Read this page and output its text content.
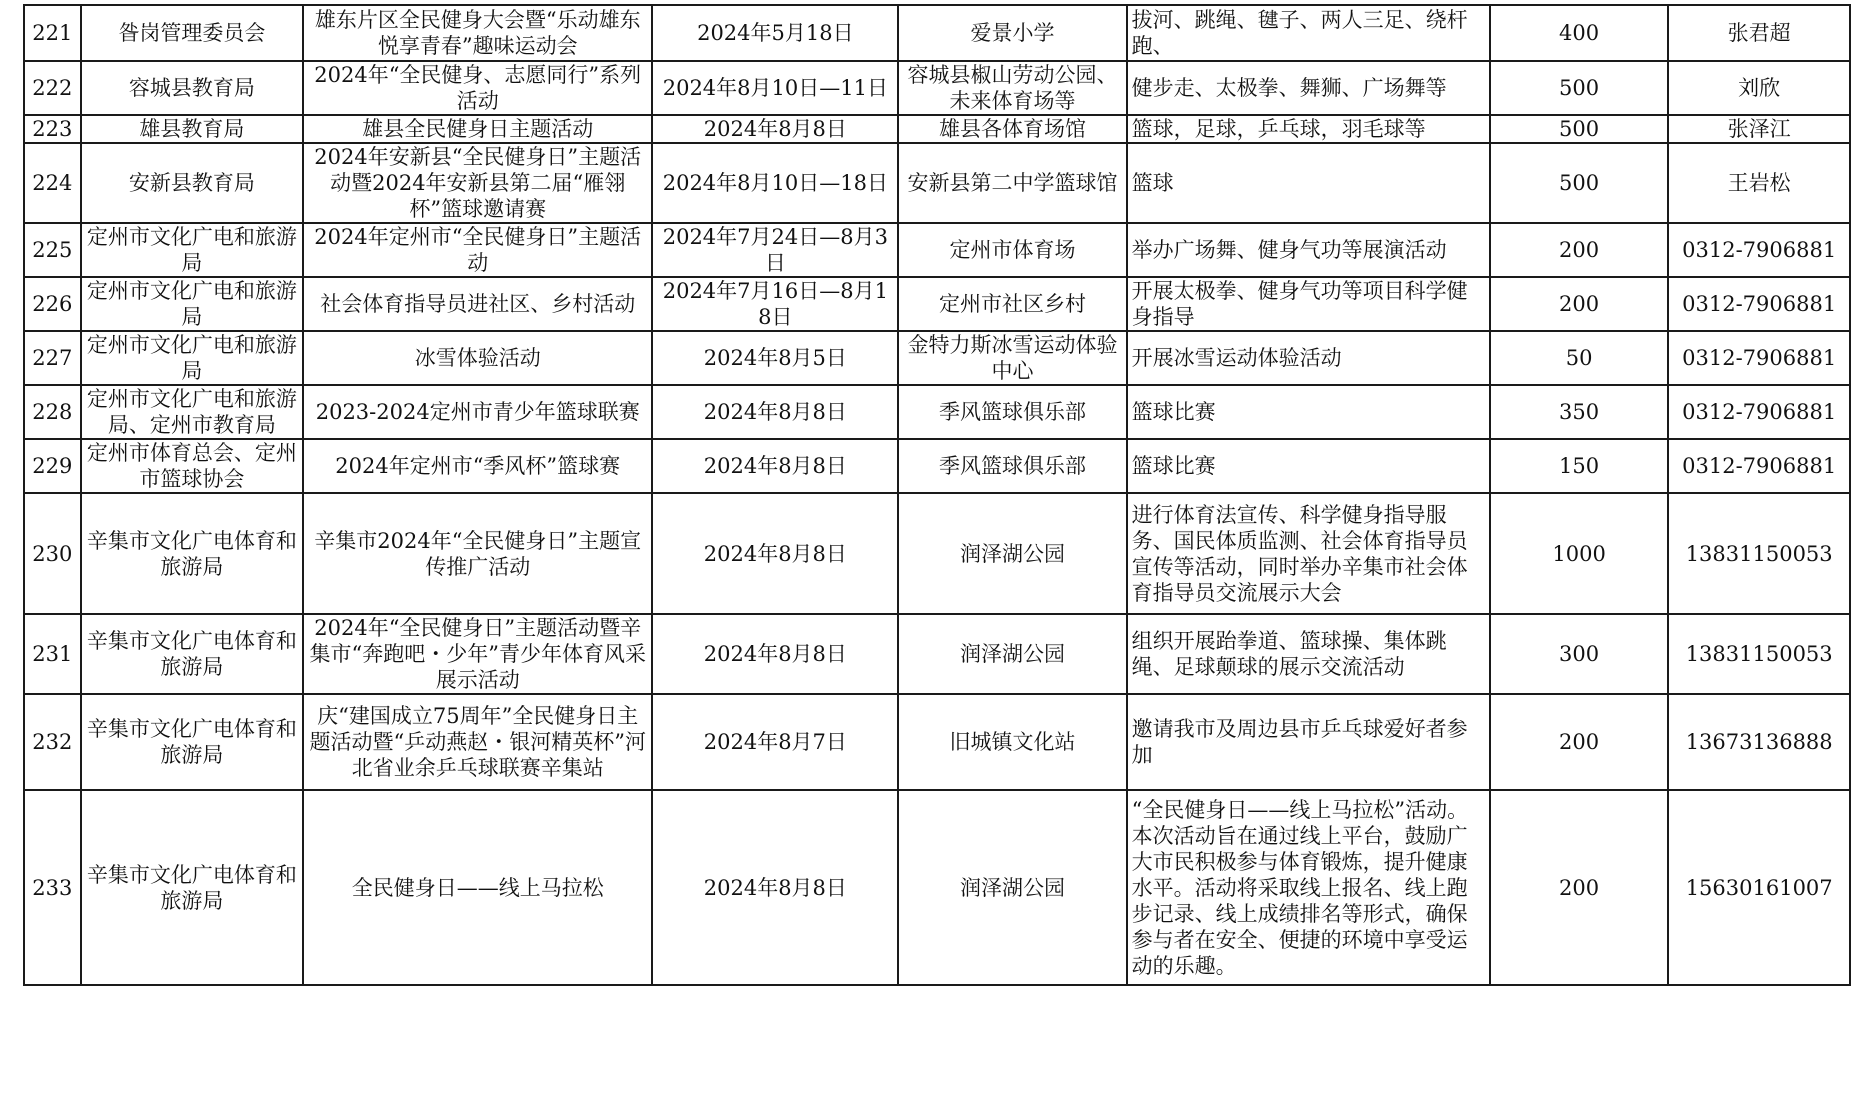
221	昝岗管理委员会	雄东片区全民健身大会暨“乐动雄东 悦享青春”趣味运动会	2024年5月18日	爱景小学	拔河、跳绳、毽子、两人三足、绕杆跑、	400	张君超
222	容城县教育局	2024年“全民健身、志愿同行”系列活动	2024年8月10日—11日	容城县椒山劳动公园、未来体育场等	健步走、太极拳、舞狮、广场舞等	500	刘欣
223	雄县教育局	雄县全民健身日主题活动	2024年8月8日	雄县各体育场馆	篮球，足球，乒乓球，羽毛球等	500	张泽江
224	安新县教育局	2024年安新县“全民健身日”主题活动暨2024年安新县第二届“雁翎杯”篮球邀请赛	2024年8月10日—18日	安新县第二中学篮球馆	篮球	500	王岩松
225	定州市文化广电和旅游局	2024年定州市“全民健身日”主题活动	2024年7月24日—8月3日	定州市体育场	举办广场舞、健身气功等展演活动	200	0312-7906881
226	定州市文化广电和旅游局	社会体育指导员进社区、乡村活动	2024年7月16日—8月18日	定州市社区乡村	开展太极拳、健身气功等项目科学健身指导	200	0312-7906881
227	定州市文化广电和旅游局	冰雪体验活动	2024年8月5日	金特力斯冰雪运动体验中心	开展冰雪运动体验活动	50	0312-7906881
228	定州市文化广电和旅游局、定州市教育局	2023-2024定州市青少年篮球联赛	2024年8月8日	季风篮球俱乐部	篮球比赛	350	0312-7906881
229	定州市体育总会、定州市篮球协会	2024年定州市“季风杯”篮球赛	2024年8月8日	季风篮球俱乐部	篮球比赛	150	0312-7906881
230	辛集市文化广电体育和旅游局	辛集市2024年“全民健身日”主题宣传推广活动	2024年8月8日	润泽湖公园	进行体育法宣传、科学健身指导服务、国民体质监测、社会体育指导员宣传等活动，同时举办辛集市社会体育指导员交流展示大会	1000	13831150053
231	辛集市文化广电体育和旅游局	2024年“全民健身日”主题活动暨辛集市“奔跑吧・少年”青少年体育风采展示活动	2024年8月8日	润泽湖公园	组织开展跆拳道、篮球操、集体跳绳、足球颠球的展示交流活动	300	13831150053
232	辛集市文化广电体育和旅游局	庆“建国成立75周年”全民健身日主题活动暨“乒动燕赵・银河精英杯”河北省业余乒乓球联赛辛集站	2024年8月7日	旧城镇文化站	邀请我市及周边县市乒乓球爱好者参加	200	13673136888
233	辛集市文化广电体育和旅游局	全民健身日——线上马拉松	2024年8月8日	润泽湖公园	“全民健身日——线上马拉松”活动。本次活动旨在通过线上平台，鼓励广大市民积极参与体育锻炼，提升健康水平。活动将采取线上报名、线上跑步记录、线上成绩排名等形式，确保参与者在安全、便捷的环境中享受运动的乐趣。	200	15630161007
